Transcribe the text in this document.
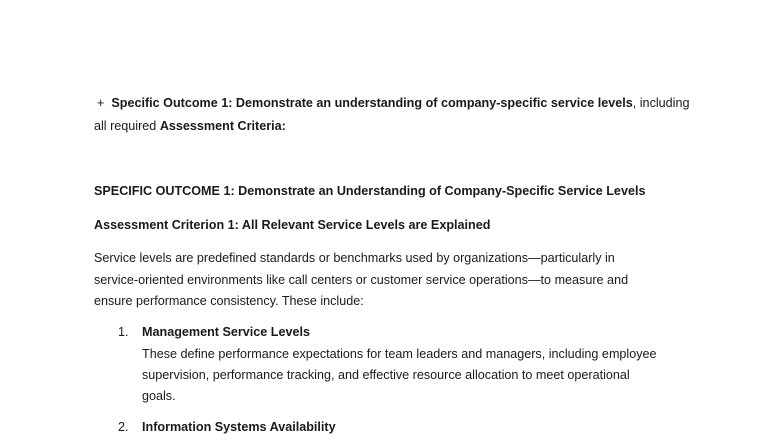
+ Specific Outcome 1: Demonstrate an understanding of company-specific service levels, including
all required Assessment Criteria:
SPECIFIC OUTCOME 1: Demonstrate an Understanding of Company-Specific Service Levels
Assessment Criterion 1: All Relevant Service Levels are Explained
Service levels are predefined standards or benchmarks used by organizations—particularly in
service-oriented environments like call centers or customer service operations—to measure and
ensure performance consistency. These include:
1. Management Service Levels
These define performance expectations for team leaders and managers, including employee
supervision, performance tracking, and effective resource allocation to meet operational
goals.
2. Information Systems Availability
